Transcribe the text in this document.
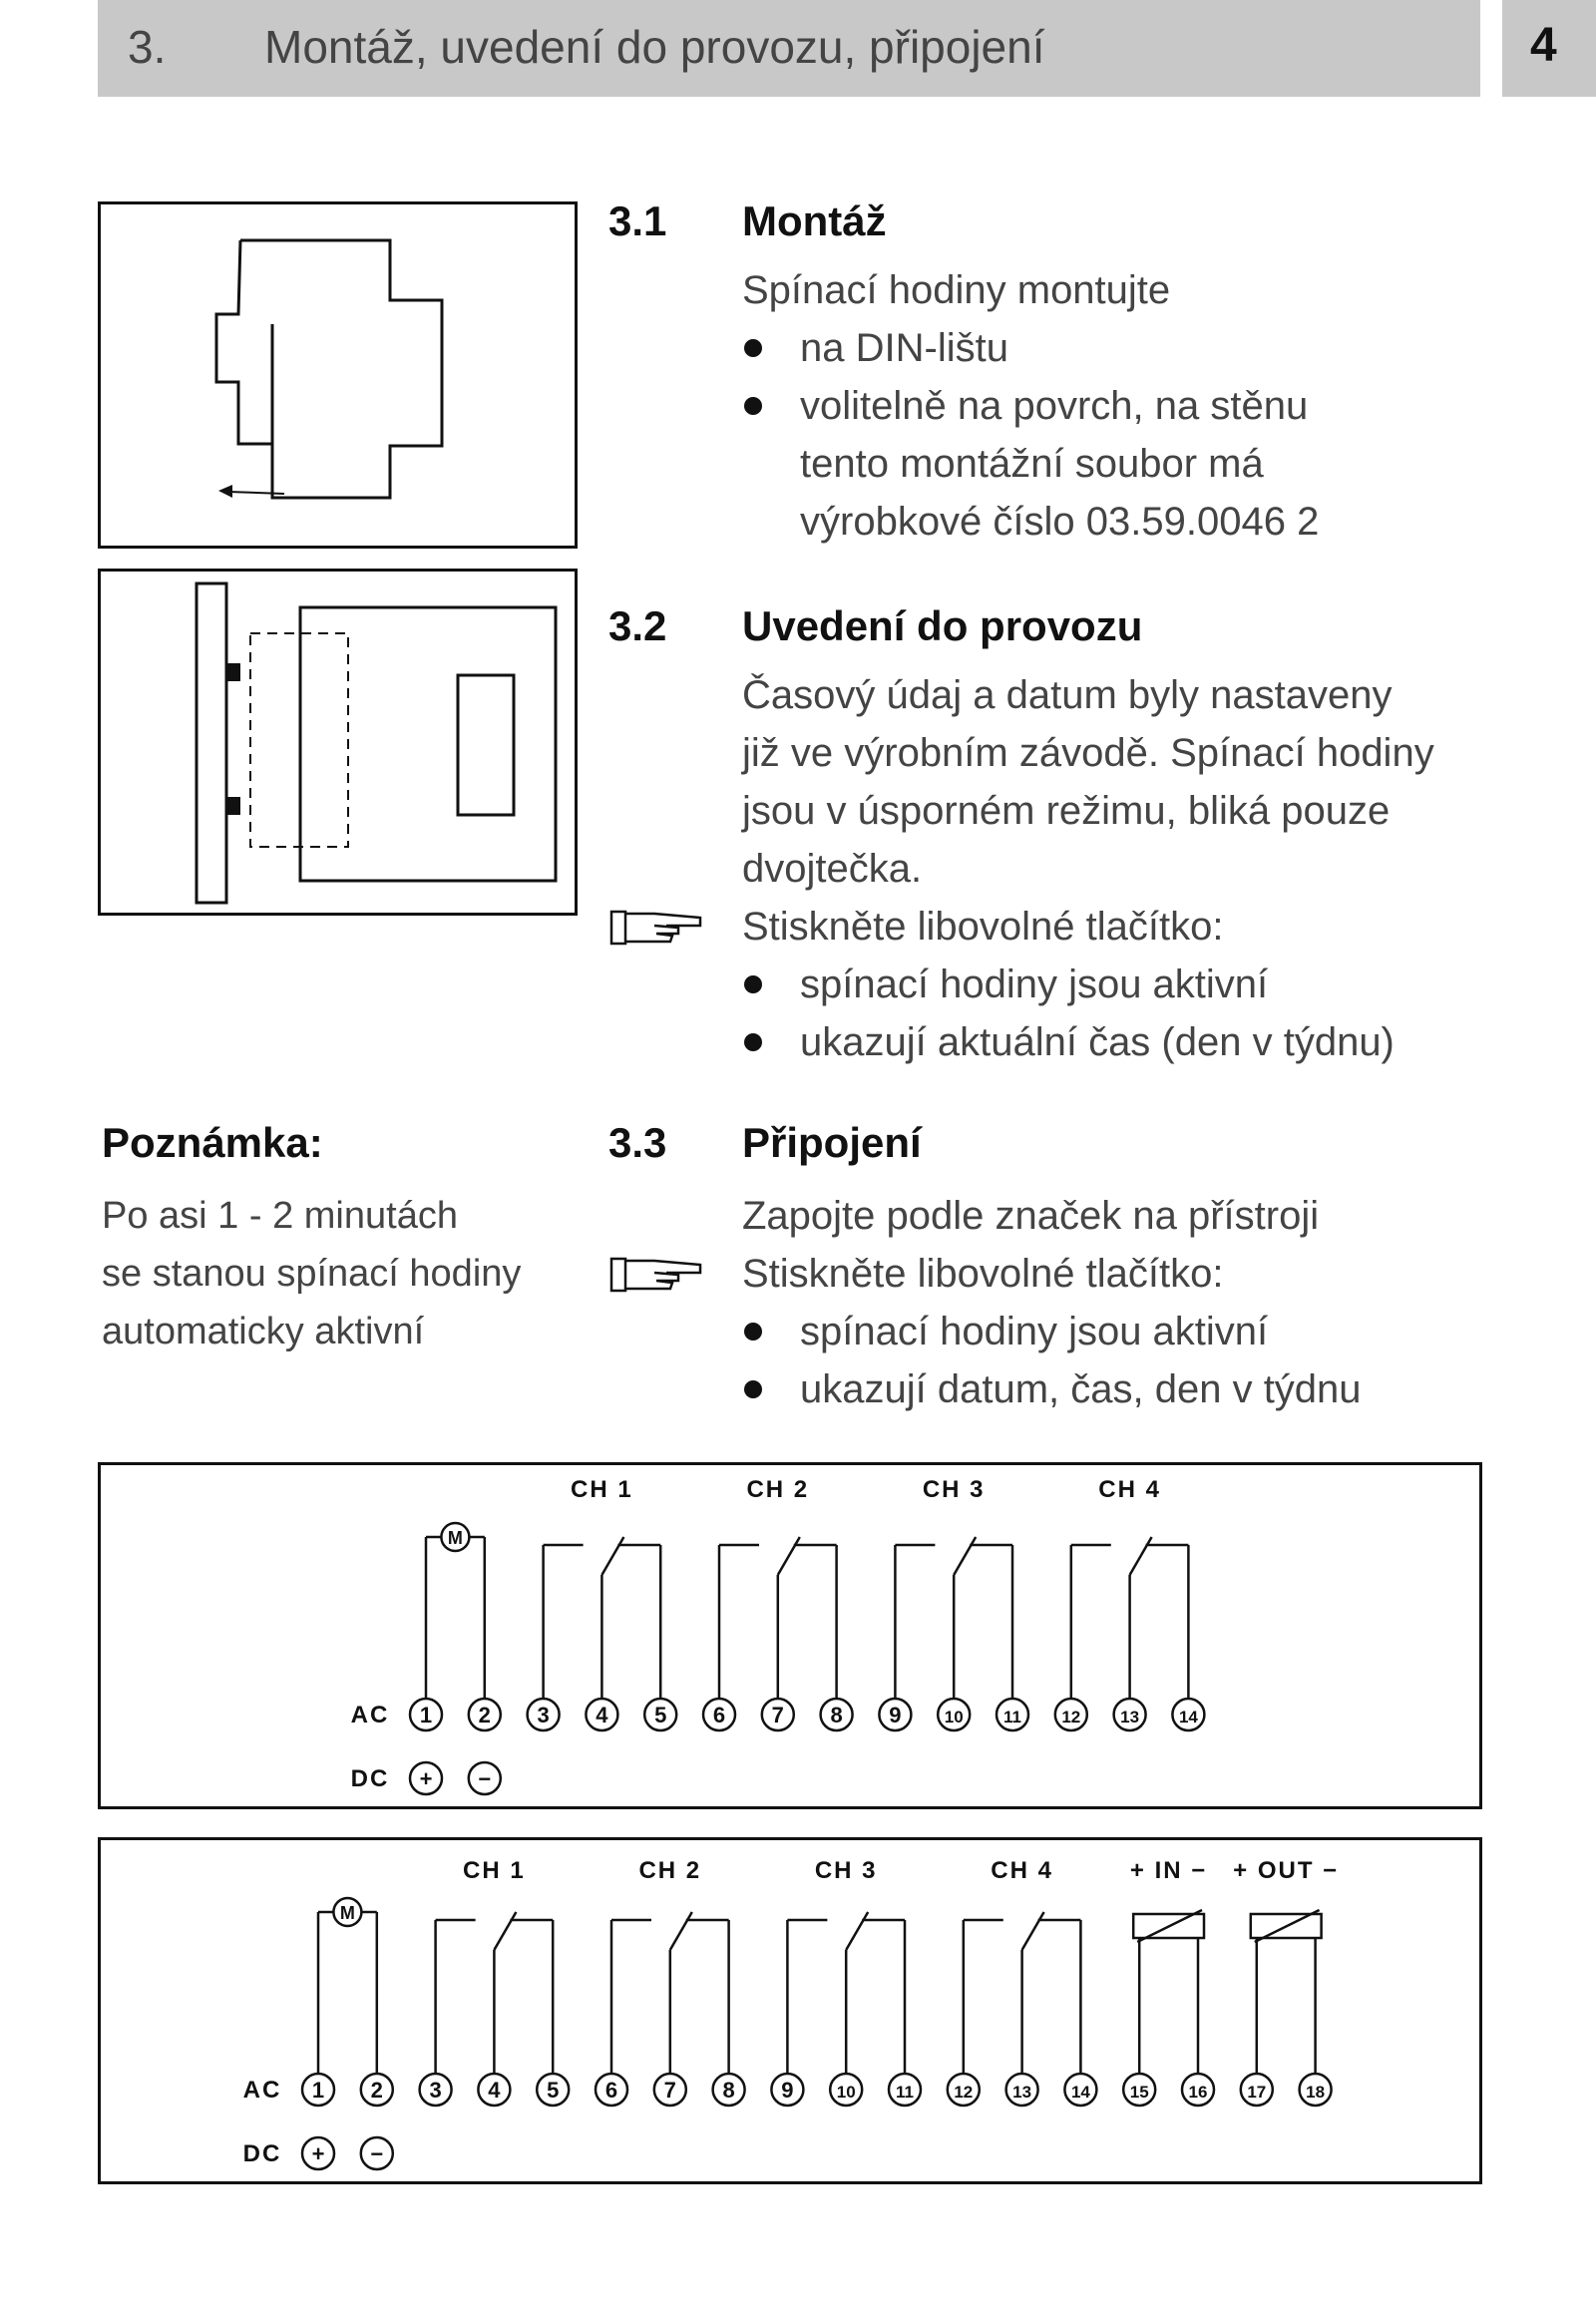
3. Montáž, uvedení do provozu, připojení	4
3.1 Montáž
Spínací hodiny montujte
na DIN-lištu
volitelně na povrch, na stěnu
tento montážní soubor má
výrobkové číslo 03.59.0046 2
3.2 Uvedení do provozu
Časový údaj a datum byly nastaveny
již ve výrobním závodě. Spínací hodiny
jsou v úsporném režimu, bliká pouze
dvojtečka.
Stiskněte libovolné tlačítko:
spínací hodiny jsou aktivní
ukazují aktuální čas (den v týdnu)
Poznámka:
Po asi 1 - 2 minutách
se stanou spínací hodiny
automaticky aktivní
3.3 Připojení
Zapojte podle značek na přístroji
Stiskněte libovolné tlačítko:
spínací hodiny jsou aktivní
ukazují datum, čas, den v týdnu
CH 1	CH 2	CH 3	CH 4
M
AC 1 2 3 4 5 6 7 8 9	10 11 12 13 14
DC + −
CH 1	CH 2	CH 3	CH 4
M
+ IN − + OUT −
AC 1 2 3 4 5 6 7 8 9	10 11 12 13 14 15 16 17 18
DC + −
